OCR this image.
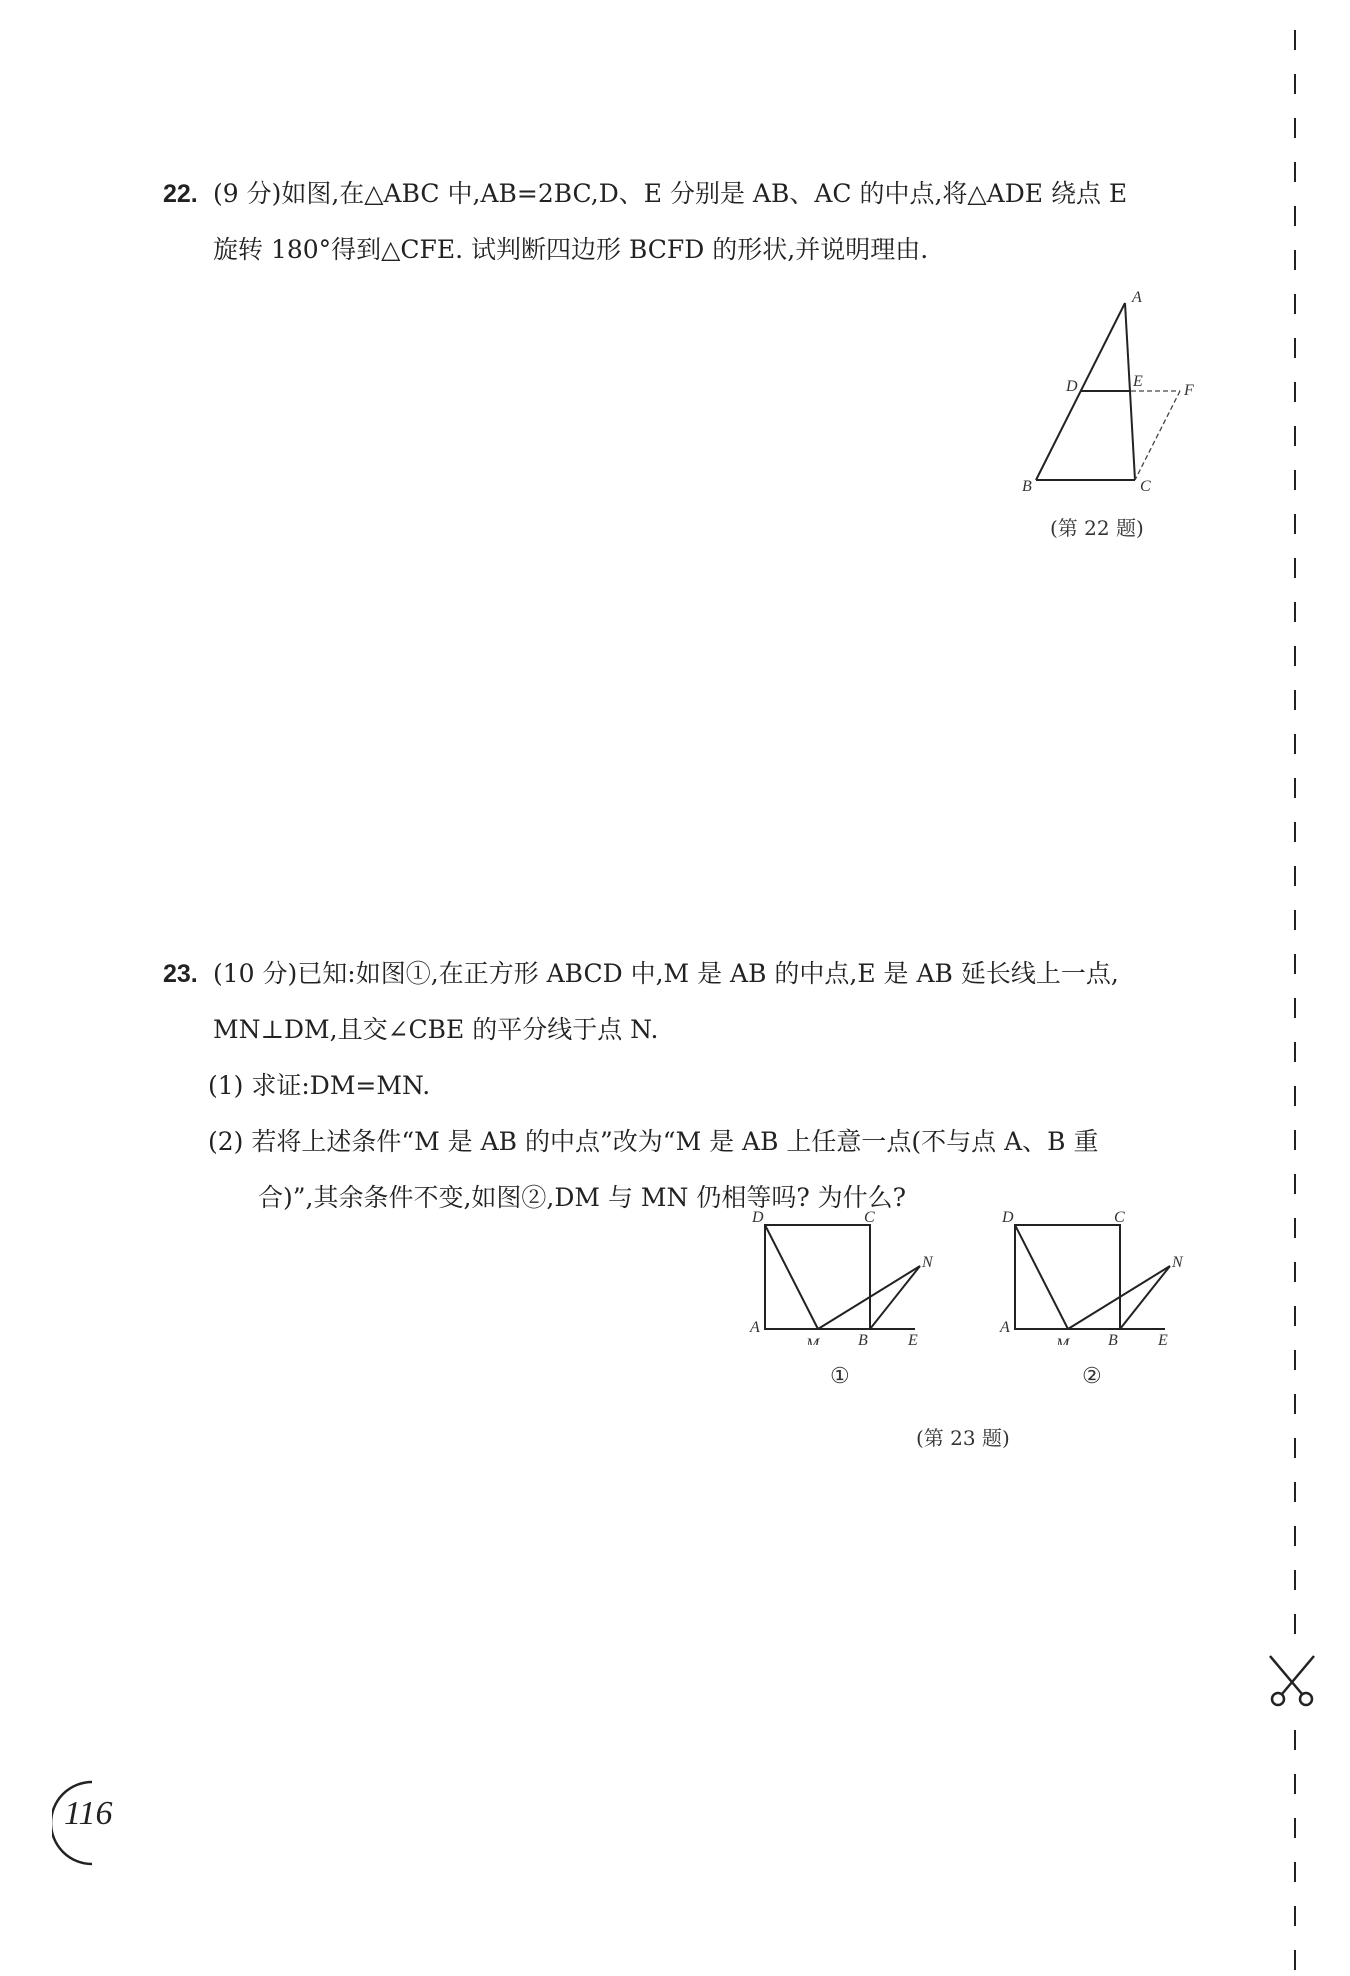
22. (9 分)如图,在△ABC 中,AB=2BC,D、E 分别是 AB、AC 的中点,将△ADE 绕点 E
旋转 180°得到△CFE. 试判断四边形 BCFD 的形状,并说明理由.
A
B	C
D	E
F
(第 22 题)
23. (10 分)已知:如图①,在正方形 ABCD 中,M 是 AB 的中点,E 是 AB 延长线上一点,
MN⊥DM,且交∠CBE 的平分线于点 N.
(1) 求证:DM=MN.
(2) 若将上述条件“M 是 AB 的中点”改为“M 是 AB 上任意一点(不与点 A、B 重
合)”,其余条件不变,如图②,DM 与 MN 仍相等吗? 为什么?
D	C
N
A
M B	E
D	C
N
A
M B	E
①	②
(第 23 题)
116
